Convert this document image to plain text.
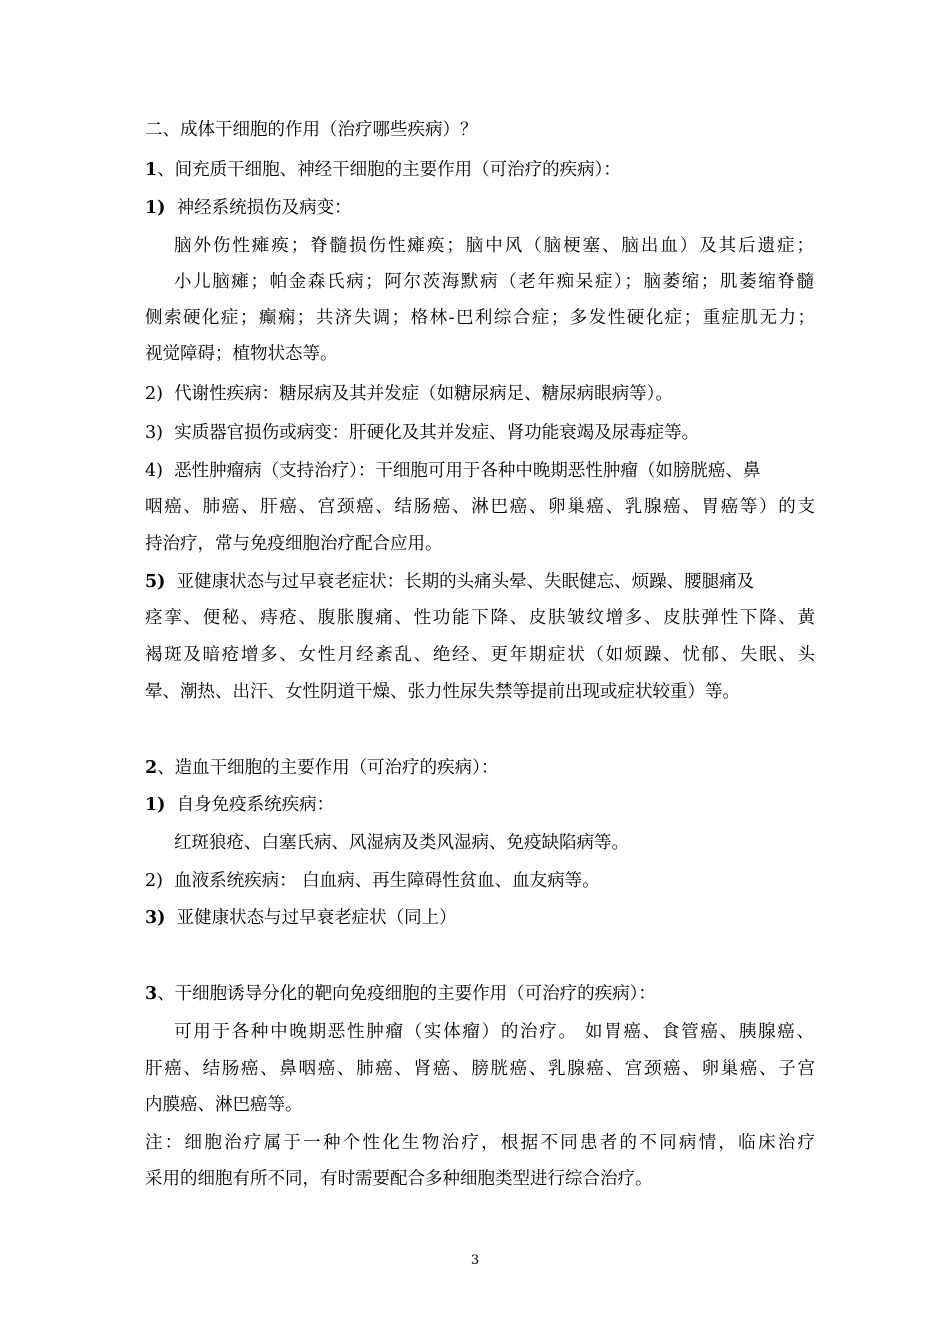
二、成体干细胞的作用（治疗哪些疾病）？
1、间充质干细胞、神经干细胞的主要作用（可治疗的疾病）：
1) 神经系统损伤及病变：
脑外伤性瘫痪；脊髓损伤性瘫痪；脑中风（脑梗塞、脑出血）及其后遗症；
小儿脑瘫；帕金森氏病；阿尔茨海默病（老年痴呆症）；脑萎缩；肌萎缩脊髓
侧索硬化症；癫痫；共济失调；格林-巴利综合症；多发性硬化症；重症肌无力；
视觉障碍；植物状态等。
2) 代谢性疾病：糖尿病及其并发症（如糖尿病足、糖尿病眼病等）。
3) 实质器官损伤或病变：肝硬化及其并发症、肾功能衰竭及尿毒症等。
4) 恶性肿瘤病（支持治疗）：干细胞可用于各种中晚期恶性肿瘤（如膀胱癌、鼻
咽癌、肺癌、肝癌、宫颈癌、结肠癌、淋巴癌、卵巢癌、乳腺癌、胃癌等）的支
持治疗，常与免疫细胞治疗配合应用。
5) 亚健康状态与过早衰老症状：长期的头痛头晕、失眠健忘、烦躁、腰腿痛及
痉挛、便秘、痔疮、腹胀腹痛、性功能下降、皮肤皱纹增多、皮肤弹性下降、黄
褐斑及暗疮增多、女性月经紊乱、绝经、更年期症状（如烦躁、忧郁、失眠、头
晕、潮热、出汗、女性阴道干燥、张力性尿失禁等提前出现或症状较重）等。
2、造血干细胞的主要作用（可治疗的疾病）：
1) 自身免疫系统疾病：
红斑狼疮、白塞氏病、风湿病及类风湿病、免疫缺陷病等。
2) 血液系统疾病： 白血病、再生障碍性贫血、血友病等。
3) 亚健康状态与过早衰老症状（同上）
3、干细胞诱导分化的靶向免疫细胞的主要作用（可治疗的疾病）：
可用于各种中晚期恶性肿瘤（实体瘤）的治疗。 如胃癌、食管癌、胰腺癌、
肝癌、结肠癌、鼻咽癌、肺癌、肾癌、膀胱癌、乳腺癌、宫颈癌、卵巢癌、子宫
内膜癌、淋巴癌等。
注：细胞治疗属于一种个性化生物治疗，根据不同患者的不同病情，临床治疗
采用的细胞有所不同，有时需要配合多种细胞类型进行综合治疗。
3
